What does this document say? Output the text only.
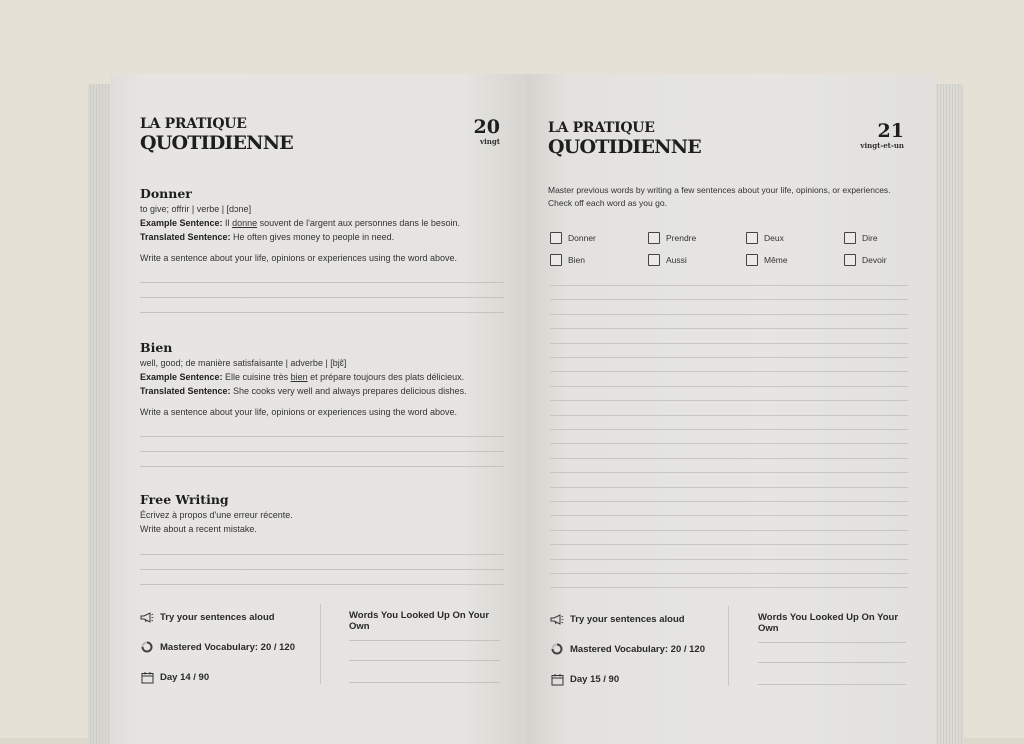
LA PRATIQUE
QUOTIDIENNE
20
vingt
Donner

to give; offrir | verbe | [dɔne]

Example Sentence: Il donne souvent de l'argent aux personnes dans le besoin.

Translated Sentence: He often gives money to people in need.

Write a sentence about your life, opinions or experiences using the word above.

Bien

well, good; de manière satisfaisante | adverbe | [bjɛ̃]

Example Sentence: Elle cuisine très bien et prépare toujours des plats délicieux.

Translated Sentence: She cooks very well and always prepares delicious dishes.

Write a sentence about your life, opinions or experiences using the word above.

Free Writing

Écrivez à propos d'une erreur récente.

Write about a recent mistake.

Try your sentences aloud
Mastered Vocabulary: 20 / 120
Day 14 / 90
Words You Looked Up On Your Own
LA PRATIQUE
QUOTIDIENNE
21
vingt-et-un
Master previous words by writing a few sentences about your life, opinions, or experiences. Check off each word as you go.
Donner	Prendre	Deux	Dire
Bien	Aussi	Même	Devoir
Try your sentences aloud
Mastered Vocabulary: 20 / 120
Day 15 / 90
Words You Looked Up On Your Own
